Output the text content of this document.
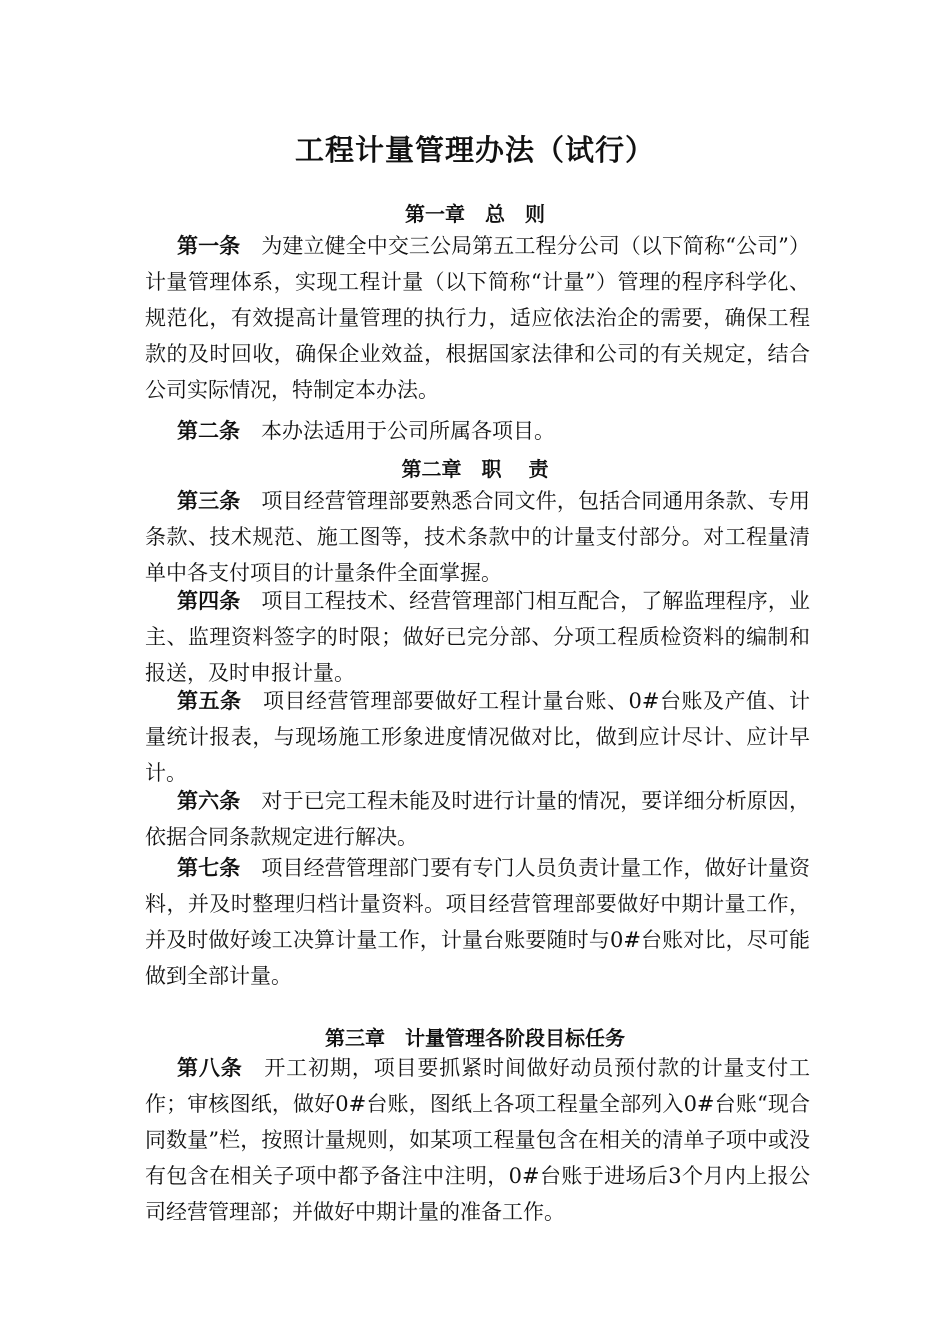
工程计量管理办法（试行）
第一章　总　则

第一条  为建立健全中交三公局第五工程分公司（以下简称“公司”）计量管理体系，实现工程计量（以下简称“计量”）管理的程序科学化、规范化，有效提高计量管理的执行力，适应依法治企的需要，确保工程款的及时回收，确保企业效益，根据国家法律和公司的有关规定，结合公司实际情况，特制定本办法。

第二条  本办法适用于公司所属各项目。

第二章　职　 责

第三条  项目经营管理部要熟悉合同文件，包括合同通用条款、专用条款、技术规范、施工图等，技术条款中的计量支付部分。对工程量清单中各支付项目的计量条件全面掌握。

第四条  项目工程技术、经营管理部门相互配合，了解监理程序，业主、监理资料签字的时限；做好已完分部、分项工程质检资料的编制和报送，及时申报计量。

第五条  项目经营管理部要做好工程计量台账、0#台账及产值、计量统计报表，与现场施工形象进度情况做对比，做到应计尽计、应计早计。

第六条  对于已完工程未能及时进行计量的情况，要详细分析原因，依据合同条款规定进行解决。

第七条  项目经营管理部门要有专门人员负责计量工作，做好计量资料，并及时整理归档计量资料。项目经营管理部要做好中期计量工作，并及时做好竣工决算计量工作，计量台账要随时与0#台账对比，尽可能做到全部计量。

第三章　计量管理各阶段目标任务

第八条  开工初期，项目要抓紧时间做好动员预付款的计量支付工作；审核图纸，做好0#台账，图纸上各项工程量全部列入0#台账“现合同数量”栏，按照计量规则，如某项工程量包含在相关的清单子项中或没有包含在相关子项中都予备注中注明，0#台账于进场后3个月内上报公司经营管理部；并做好中期计量的准备工作。
